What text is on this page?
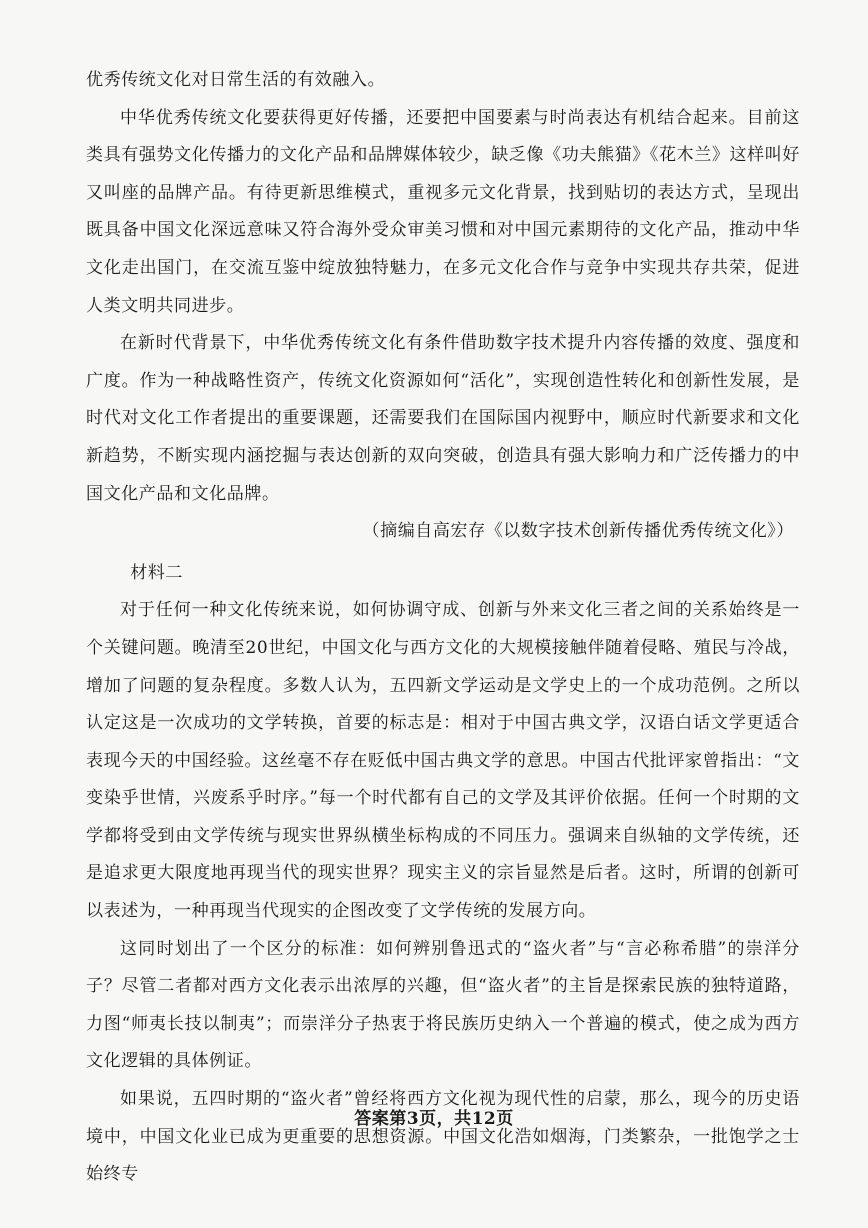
优秀传统文化对日常生活的有效融入。

中华优秀传统文化要获得更好传播，还要把中国要素与时尚表达有机结合起来。目前这类具有强势文化传播力的文化产品和品牌媒体较少，缺乏像《功夫熊猫》《花木兰》这样叫好又叫座的品牌产品。有待更新思维模式，重视多元文化背景，找到贴切的表达方式，呈现出既具备中国文化深远意味又符合海外受众审美习惯和对中国元素期待的文化产品，推动中华文化走出国门，在交流互鉴中绽放独特魅力，在多元文化合作与竞争中实现共存共荣，促进人类文明共同进步。

在新时代背景下，中华优秀传统文化有条件借助数字技术提升内容传播的效度、强度和广度。作为一种战略性资产，传统文化资源如何“活化”，实现创造性转化和创新性发展，是时代对文化工作者提出的重要课题，还需要我们在国际国内视野中，顺应时代新要求和文化新趋势，不断实现内涵挖掘与表达创新的双向突破，创造具有强大影响力和广泛传播力的中国文化产品和文化品牌。

（摘编自高宏存《以数字技术创新传播优秀传统文化》）

材料二

对于任何一种文化传统来说，如何协调守成、创新与外来文化三者之间的关系始终是一个关键问题。晚清至20世纪，中国文化与西方文化的大规模接触伴随着侵略、殖民与冷战，增加了问题的复杂程度。多数人认为，五四新文学运动是文学史上的一个成功范例。之所以认定这是一次成功的文学转换，首要的标志是：相对于中国古典文学，汉语白话文学更适合表现今天的中国经验。这丝毫不存在贬低中国古典文学的意思。中国古代批评家曾指出：“文变染乎世情，兴废系乎时序。”每一个时代都有自己的文学及其评价依据。任何一个时期的文学都将受到由文学传统与现实世界纵横坐标构成的不同压力。强调来自纵轴的文学传统，还是追求更大限度地再现当代的现实世界？现实主义的宗旨显然是后者。这时，所谓的创新可以表述为，一种再现当代现实的企图改变了文学传统的发展方向。

这同时划出了一个区分的标准：如何辨别鲁迅式的“盗火者”与“言必称希腊”的崇洋分子？尽管二者都对西方文化表示出浓厚的兴趣，但“盗火者”的主旨是探索民族的独特道路，力图“师夷长技以制夷”；而崇洋分子热衷于将民族历史纳入一个普遍的模式，使之成为西方文化逻辑的具体例证。

如果说，五四时期的“盗火者”曾经将西方文化视为现代性的启蒙，那么，现今的历史语境中，中国文化业已成为更重要的思想资源。中国文化浩如烟海，门类繁杂，一批饱学之士始终专

答案第3页，共12页
